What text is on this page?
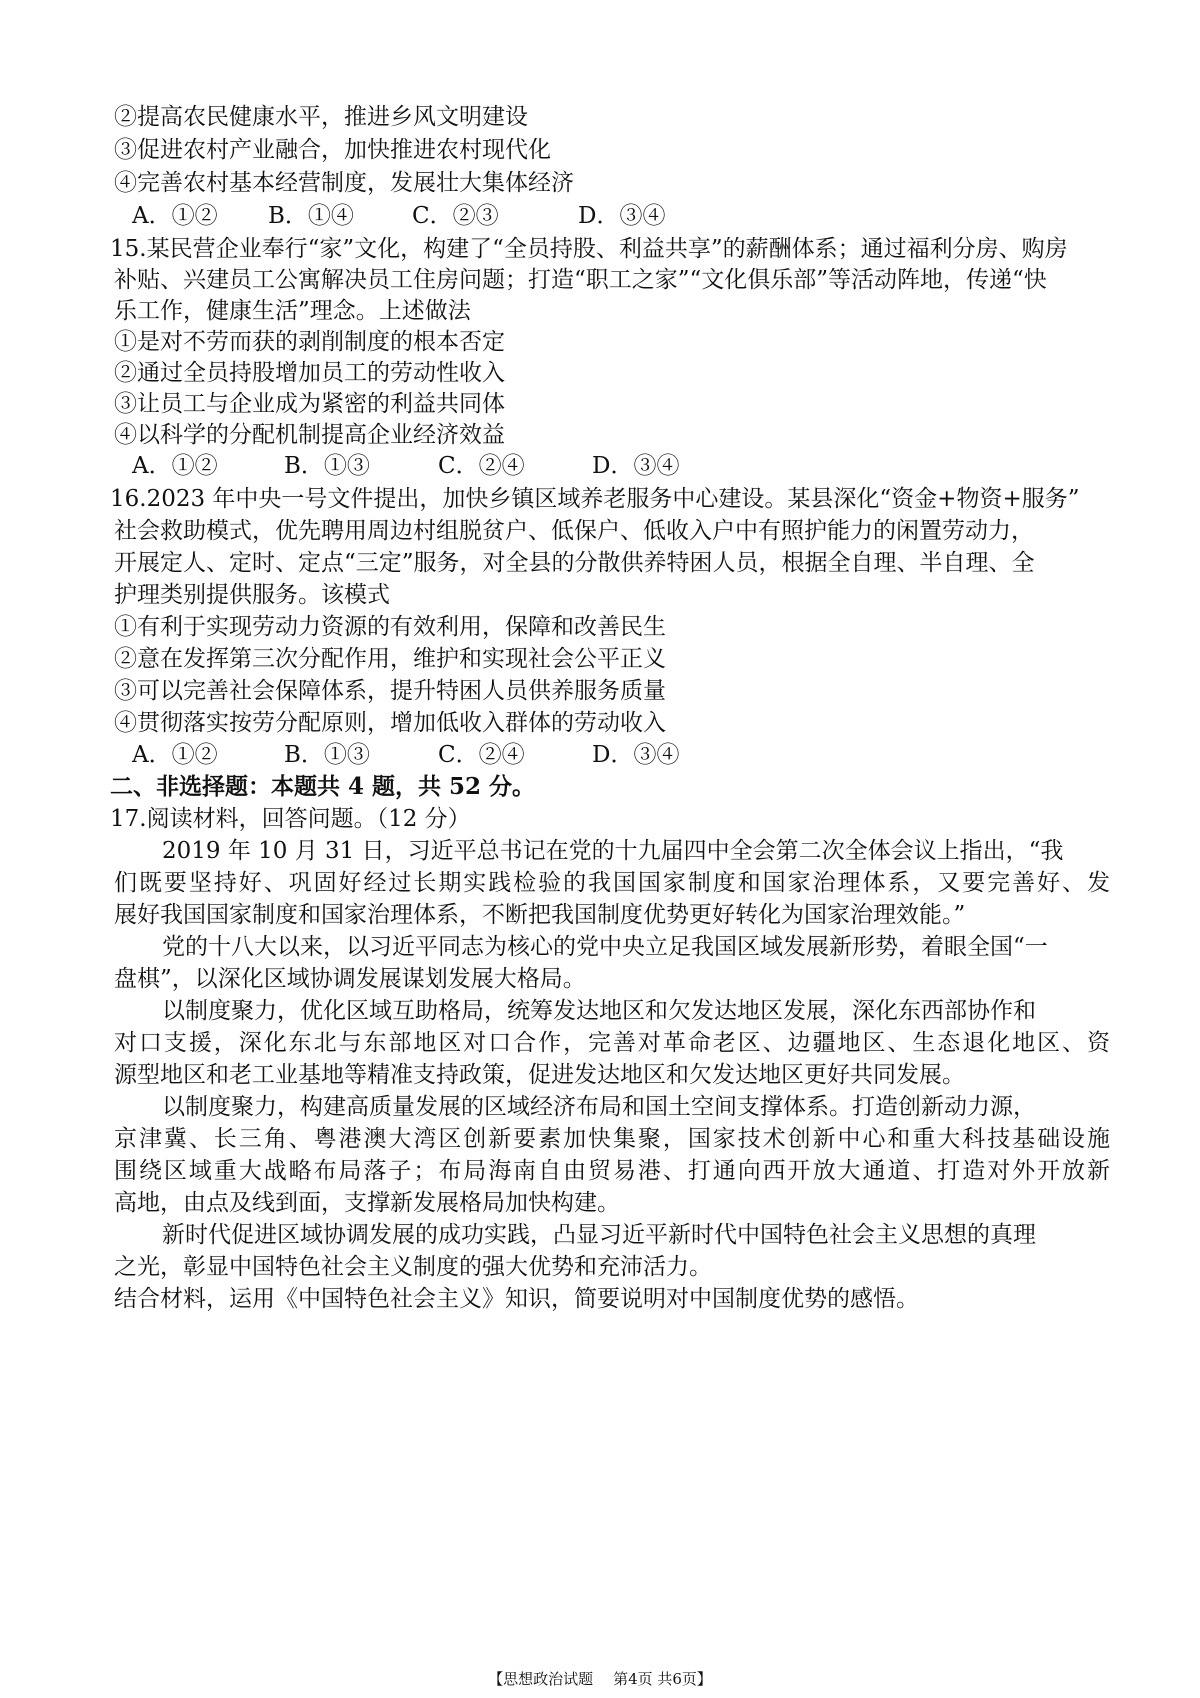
②提高农民健康水平，推进乡风文明建设
③促进农村产业融合，加快推进农村现代化
④完善农村基本经营制度，发展壮大集体经济
A．①② B．①④	C．②③	D．③④
15.某民营企业奉行“家”文化，构建了“全员持股、利益共享”的薪酬体系；通过福利分房、购房
补贴、兴建员工公寓解决员工住房问题；打造“职工之家”“文化俱乐部”等活动阵地，传递“快
乐工作，健康生活”理念。上述做法
①是对不劳而获的剥削制度的根本否定
②通过全员持股增加员工的劳动性收入
③让员工与企业成为紧密的利益共同体
④以科学的分配机制提高企业经济效益
A．①②	B．①③	C．②④	D．③④
16.2023 年中央一号文件提出，加快乡镇区域养老服务中心建设。某县深化“资金+物资+服务”
社会救助模式，优先聘用周边村组脱贫户、低保户、低收入户中有照护能力的闲置劳动力，
开展定人、定时、定点“三定”服务，对全县的分散供养特困人员，根据全自理、半自理、全
护理类别提供服务。该模式
①有利于实现劳动力资源的有效利用，保障和改善民生
②意在发挥第三次分配作用，维护和实现社会公平正义
③可以完善社会保障体系，提升特困人员供养服务质量
④贯彻落实按劳分配原则，增加低收入群体的劳动收入
A．①②	B．①③	C．②④	D．③④
二、非选择题：本题共 4 题，共 52 分。
17.阅读材料，回答问题。（12 分）
2019 年 10 月 31 日，习近平总书记在党的十九届四中全会第二次全体会议上指出，“我
们既要坚持好、巩固好经过长期实践检验的我国国家制度和国家治理体系，又要完善好、发
展好我国国家制度和国家治理体系，不断把我国制度优势更好转化为国家治理效能。”
党的十八大以来，以习近平同志为核心的党中央立足我国区域发展新形势，着眼全国“一
盘棋”，以深化区域协调发展谋划发展大格局。
以制度聚力，优化区域互助格局，统筹发达地区和欠发达地区发展，深化东西部协作和
对口支援，深化东北与东部地区对口合作，完善对革命老区、边疆地区、生态退化地区、资
源型地区和老工业基地等精准支持政策，促进发达地区和欠发达地区更好共同发展。
以制度聚力，构建高质量发展的区域经济布局和国土空间支撑体系。打造创新动力源，
京津冀、长三角、粤港澳大湾区创新要素加快集聚，国家技术创新中心和重大科技基础设施
围绕区域重大战略布局落子；布局海南自由贸易港、打通向西开放大通道、打造对外开放新
高地，由点及线到面，支撑新发展格局加快构建。
新时代促进区域协调发展的成功实践，凸显习近平新时代中国特色社会主义思想的真理
之光，彰显中国特色社会主义制度的强大优势和充沛活力。
结合材料，运用《中国特色社会主义》知识，简要说明对中国制度优势的感悟。
【思想政治试题 第4页 共6页】
